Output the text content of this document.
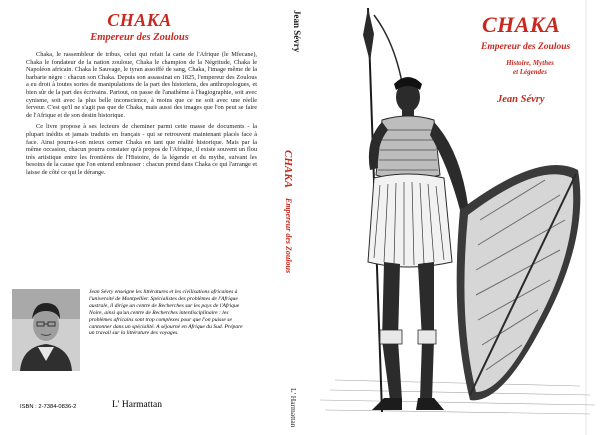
CHAKA
Empereur des Zoulous

Chaka, le rassembleur de tribus, celui qui refait la carte de l'Afrique (le Mfecane), Chaka le fondateur de la nation zouloue, Chaka le champion de la Négritude, Chaka le Napoléon africain. Chaka le Sauvage, le tyran assoiffé de sang, Chaka, l'image même de la barbarie nègre : chacun son Chaka. Depuis son assassinat en 1825, l'empereur des Zoulous a eu droit à toutes sortes de manipulations de la part des historiens, des anthropologues, et bien sûr de la part des écrivains. Partout, on passe de l'anathème à l'hagiographie, soit avec cynisme, soit avec la plus belle inconscience, à moins que ce ne soit avec une réelle ferveur. C'est qu'il ne s'agit pas que de Chaka, mais aussi des images que l'on peut se faire de l'Afrique et de son destin historique.

Ce livre propose à ses lecteurs de cheminer parmi cette masse de documents - la plupart inédits et jamais traduits en français - qui se retrouvent maintenant placés face à face. Ainsi pourra-t-on mieux cerner Chaka en tant que réalité historique. Mais par la même occasion, chacun pourra constater qu'à propos de l'Afrique, il existe souvent un flou très artistique entre les frontières de l'Histoire, de la légende et du mythe, suivant les besoins de la cause que l'on entend embrasser : chacun prend dans Chaka ce qui l'arrange et laisse de côté ce qui le dérange.

Jean Sévry enseigne les littératures et les civilisations africaines à l'université de Montpellier. Spécialistes des problèmes de l'Afrique australe, il dirige un centre de Recherches sur les pays de l'Afrique Noire, ainsi qu'un centre de Recherches interdisciplinaire : les problèmes africains sont trop complexes pour que l'on puisse se cantonner dans un spécialité. A séjourné en Afrique du Sud. Prépare un travail sur la littérature des voyages.
ISBN : 2-7384-0836-2	L' Harmattan
Jean Sévry
CHAKA Empereur des Zoulous
L' Harmattan
CHAKA
Empereur des Zoulous
Histoire, Mythes
et Légendes
Jean Sévry
